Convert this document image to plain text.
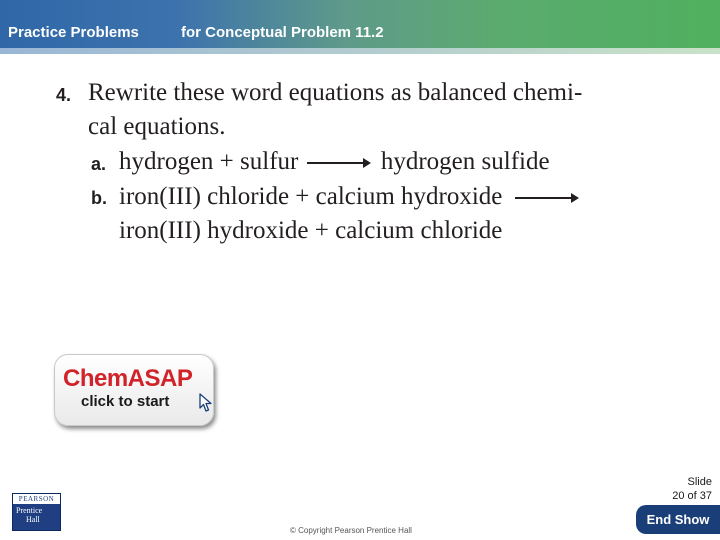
Practice Problems	for Conceptual Problem 11.2
4. Rewrite these word equations as balanced chemi-
cal equations.
a. hydrogen + sulfur	hydrogen sulfide
b. iron(III) chloride + calcium hydroxide
iron(III) hydroxide + calcium chloride
ChemASAP
click to start
PEARSON
Prentice
Hall
Slide
20 of 37
© Copyright Pearson Prentice Hall
End Show
